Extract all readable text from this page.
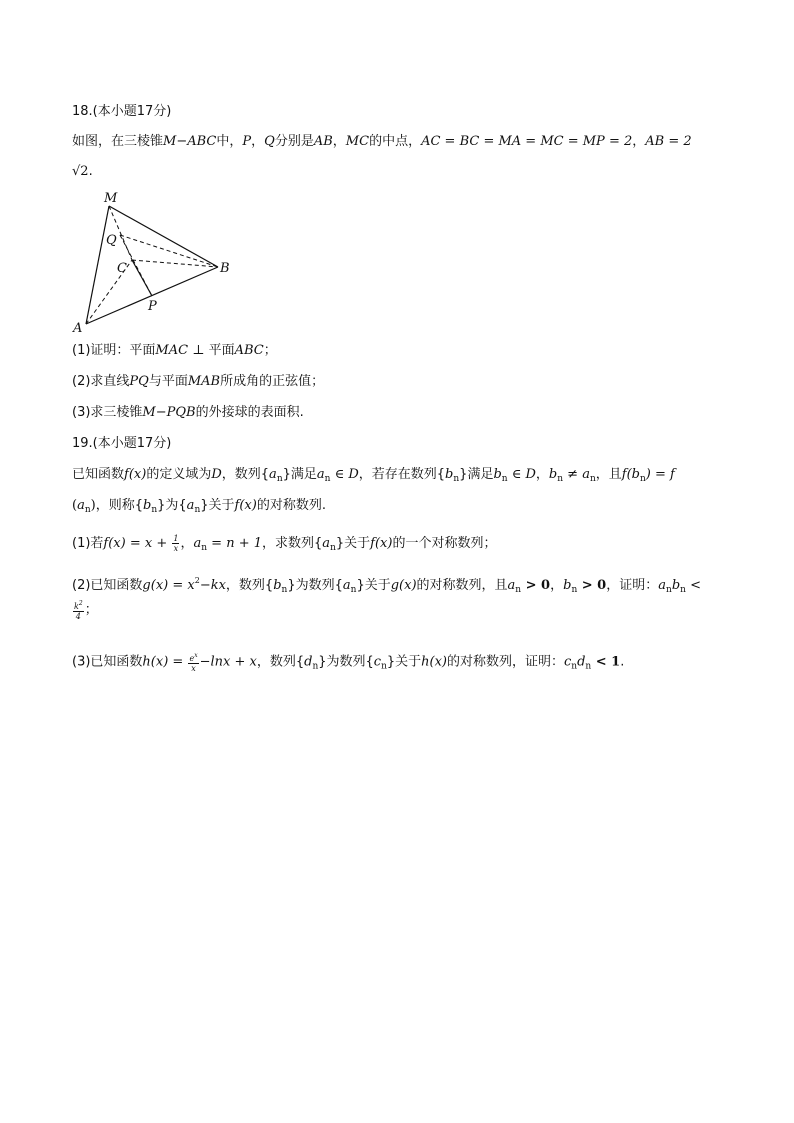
18.(本小题17分)
如图，在三棱锥M−ABC中，P，Q分别是AB，MC的中点，AC = BC = MA = MC = MP = 2，AB = 2
√2.
M
Q
C	B
P
A
(1)证明：平面MAC ⊥ 平面ABC；
(2)求直线PQ与平面MAB所成角的正弦值；
(3)求三棱锥M−PQB的外接球的表面积.
19.(本小题17分)
已知函数f(x)的定义域为D，数列$\{a_n\}$满足$a_n$ ∈ D，若存在数列$\{b_n\}$满足$b_n$ ∈ D，$b_n \ne a_n$，且$f(b_n) = f$
$(a_n)$，则称$\{b_n\}$为$\{a_n\}$关于f(x)的对称数列.
(1)若$f(x) = x + \frac{1}{x}$ ，$a_n = n + 1$，求数列$\{a_n\}$关于f(x)的一个对称数列；
(2)已知函数$g(x) = x^2-kx$，数列$\{b_n\}$为数列$\{a_n\}$关于g(x)的对称数列，且$a_n > 0$，$b_n > 0$，证明：$a_nb_n$ <
$\frac{k^2}{4}$ ；
(3)已知函数$h(x) = \frac{e^x}{x} -\ln x + x$，数列$\{d_n\}$为数列$\{c_n\}$关于h(x)的对称数列，证明：$c_nd_n < 1$.
